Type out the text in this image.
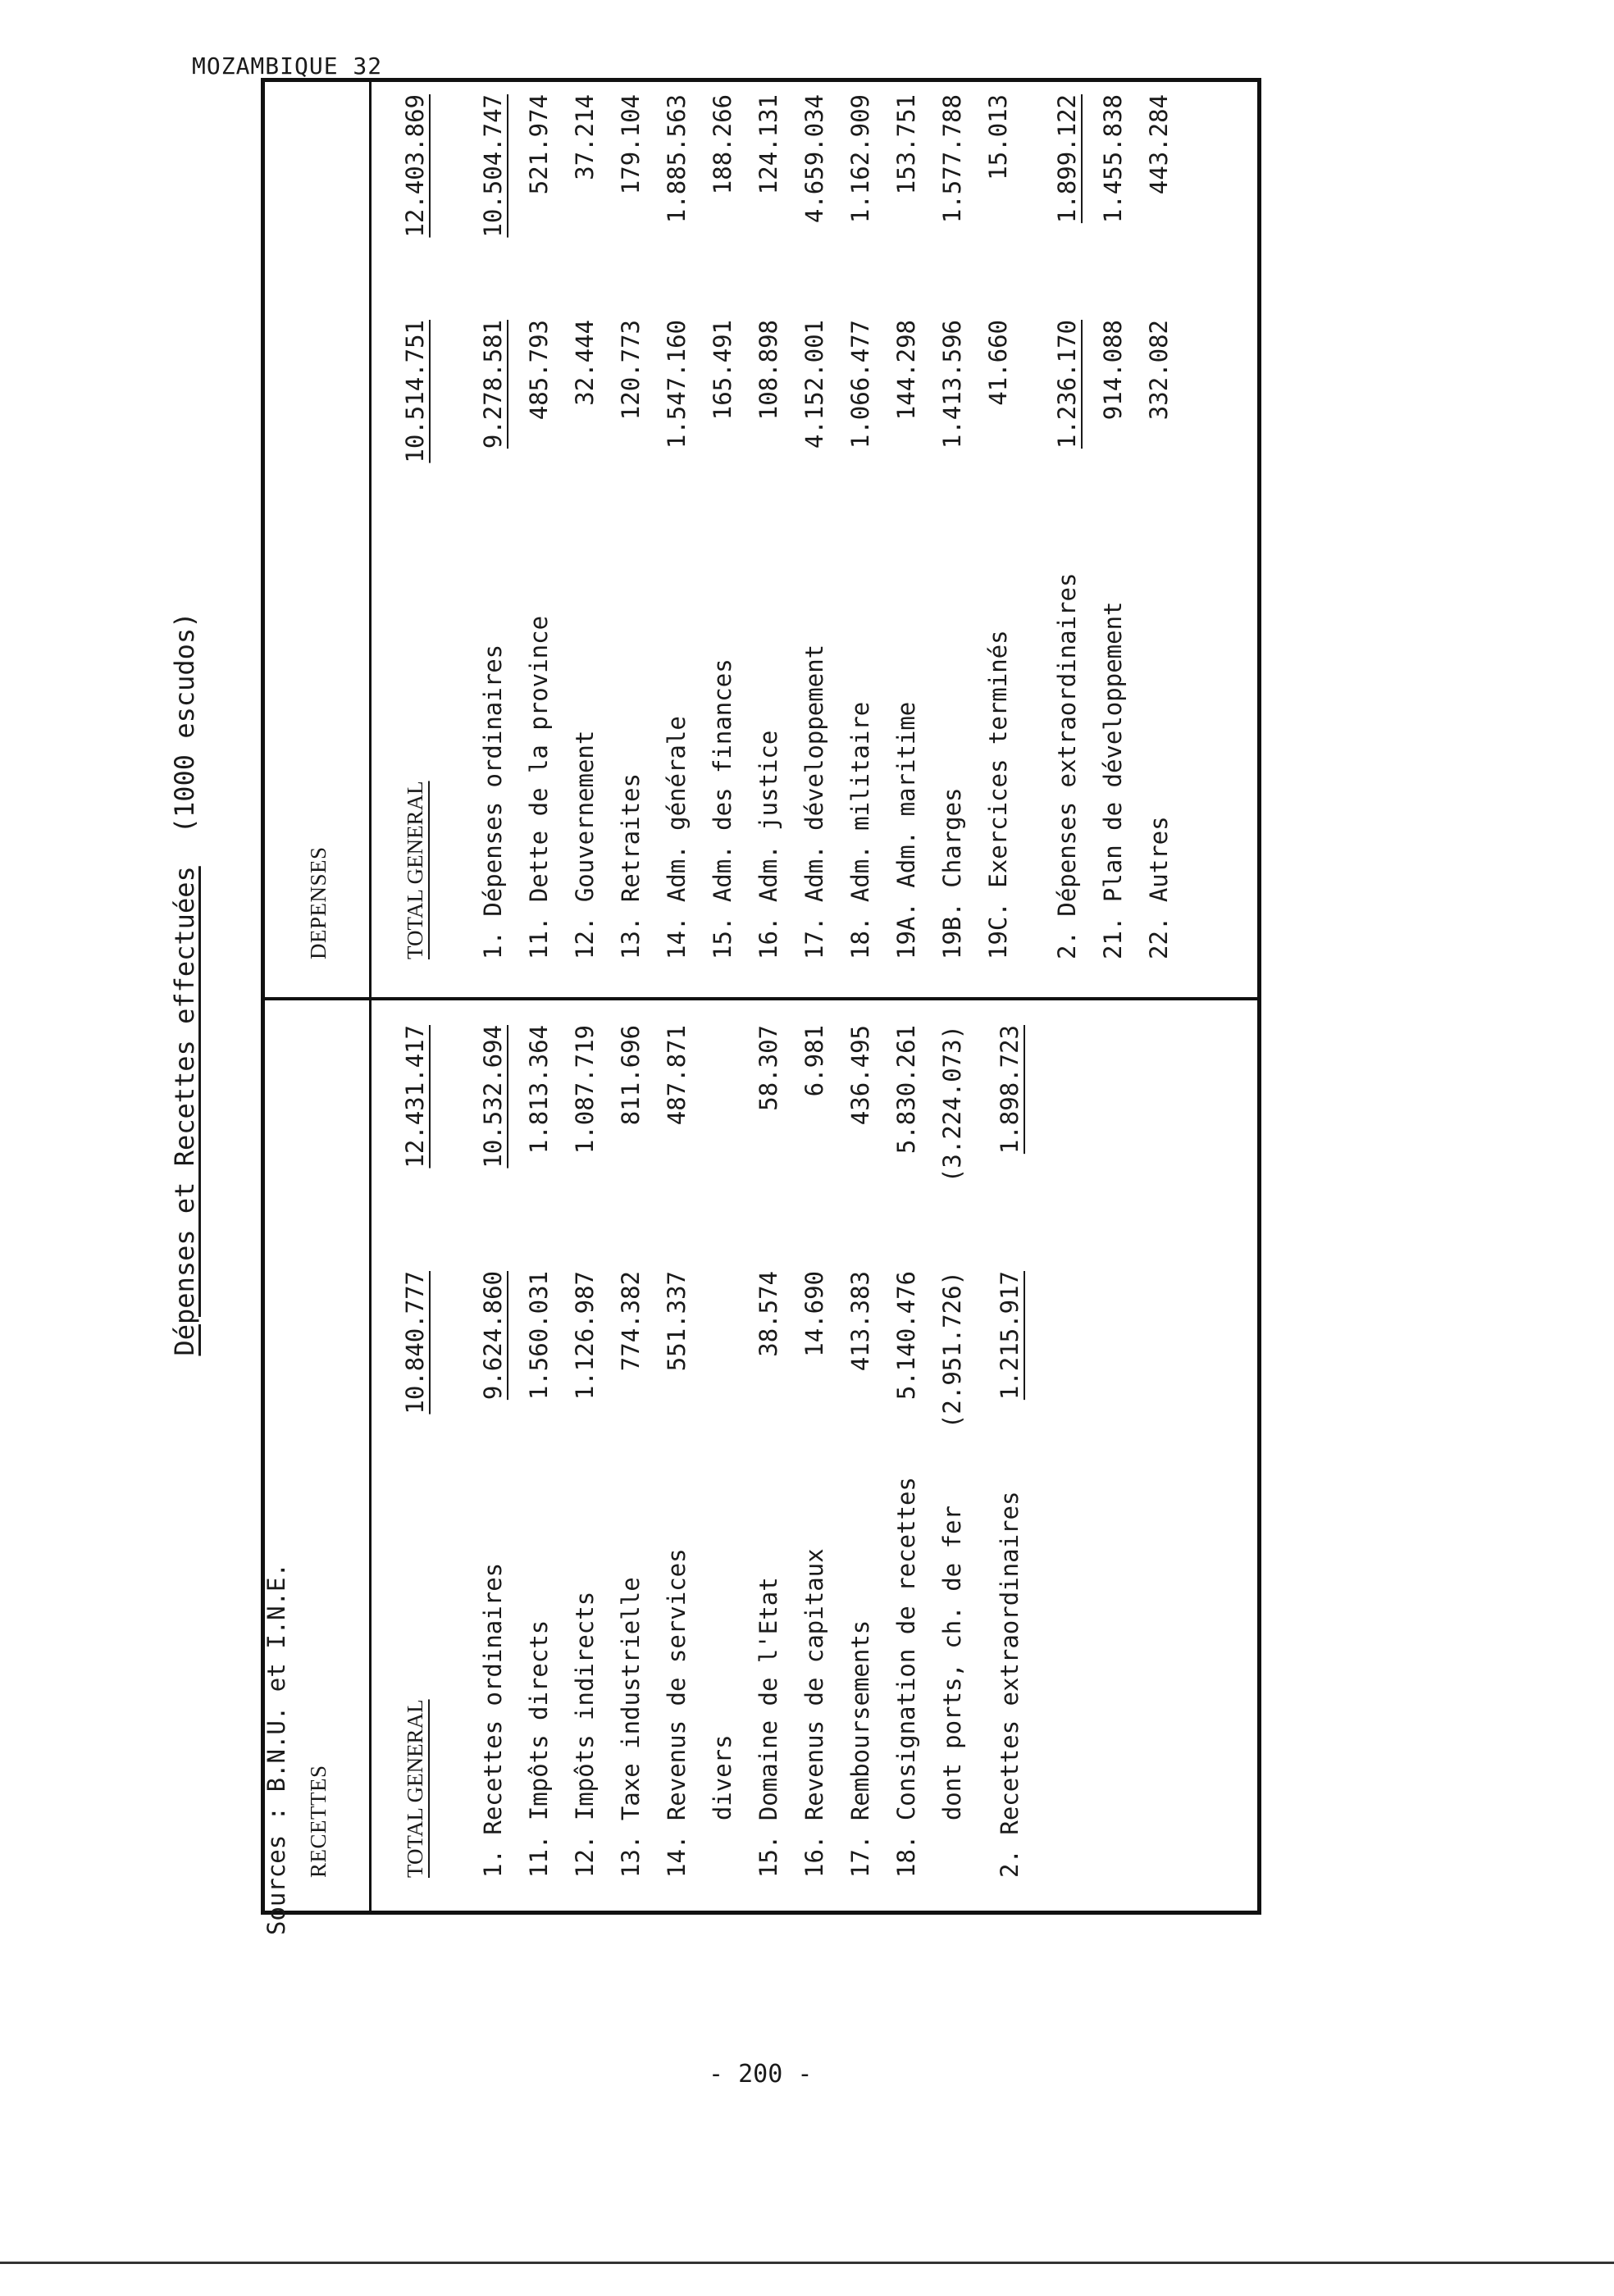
MOZAMBIQUE 32
Dépenses et Recettes effectuées(1000 escudos)
RECETTES	TOTAL GENERAL
10.840.777
12.431.417
1. Recettes ordinaires
9.624.860
10.532.694
11. Impôts directs
1.560.031
1.813.364
12. Impôts indirects
1.126.987
1.087.719
13. Taxe industrielle
774.382
811.696
14. Revenus de services
551.337
487.871
divers 15. Domaine de l'Etat
38.574
58.307
16. Revenus de capitaux
14.690
6.981
17. Remboursements
413.383
436.495
18. Consignation de recettes
5.140.476
5.830.261
dont ports, ch. de fer
(2.951.726)
(3.224.073)
2. Recettes extraordinaires
1.215.917
1.898.723
DEPENSES	TOTAL GENERAL
10.514.751
12.403.869
1. Dépenses ordinaires
9.278.581
10.504.747
11. Dette de la province
485.793
521.974
12. Gouvernement
32.444
37.214
13. Retraites
120.773
179.104
14. Adm. générale
1.547.160
1.885.563
15. Adm. des finances
165.491
188.266
16. Adm. justice
108.898
124.131
17. Adm. développement
4.152.001
4.659.034
18. Adm. militaire
1.066.477
1.162.909
19A. Adm. maritime
144.298
153.751
19B. Charges
1.413.596
1.577.788
19C. Exercices terminés
41.660
15.013
2. Dépenses extraordinaires
1.236.170
1.899.122
21. Plan de développement
914.088
1.455.838
22. Autres
332.082
443.284
Sources : B.N.U. et I.N.E.
- 200 -
